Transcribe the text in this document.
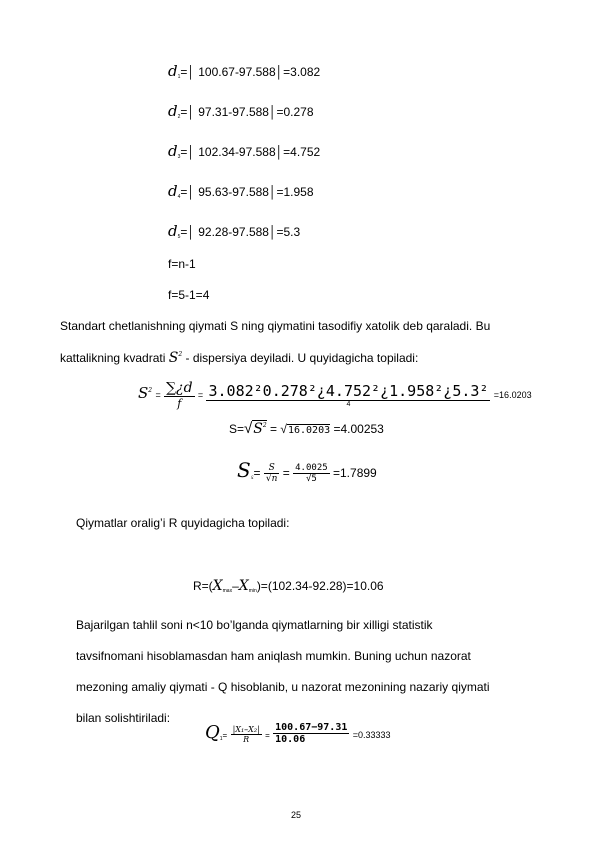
$d_1=│$ 100.67-97.588│=3.082
$d_2=│$ 97.31-97.588│=0.278
$d_3=│$ 102.34-97.588│=4.752
$d_4=│$ 95.63-97.588│=1.958
$d_5=│$ 92.28-97.588│=5.3
f=n-1
f=5-1=4
Standart chetlanishning qiymati S ning qiymatini tasodifiy xatolik deb qaraladi. Bu
kattalikning kvadrati $S^2$ - dispersiya deyiladi. U quyidagicha topiladi:
$S^2 = \frac{\sum¿d}{f} = \frac{\text{3.082²0.278²¿4.752²¿1.958²¿5.3²}}{4} =16.0203$
$S=√S^2 = √16.0203 =4.00253$
$S_{x̄}= \frac{S}{√n} = \frac{4.0025}{√5} =1.7899$
Qiymatlar oralig’i R quyidagicha topiladi:
$R=(X_{max}-X_{min})=(102.34-92.28)=10.06$
Bajarilgan tahlil soni n<10 bo’lganda qiymatlarning bir xilligi statistik
tavsifnomani hisoblamasdan ham aniqlash mumkin. Buning uchun nazorat
mezoning amaliy qiymati - Q hisoblanib, u nazorat mezonining nazariy qiymati
bilan solishtiriladi:
$Q_1= \frac{\text{|X₁–X₂|}}{R} = \frac{100.67-97.31}{10.06} =0.33333$
25
